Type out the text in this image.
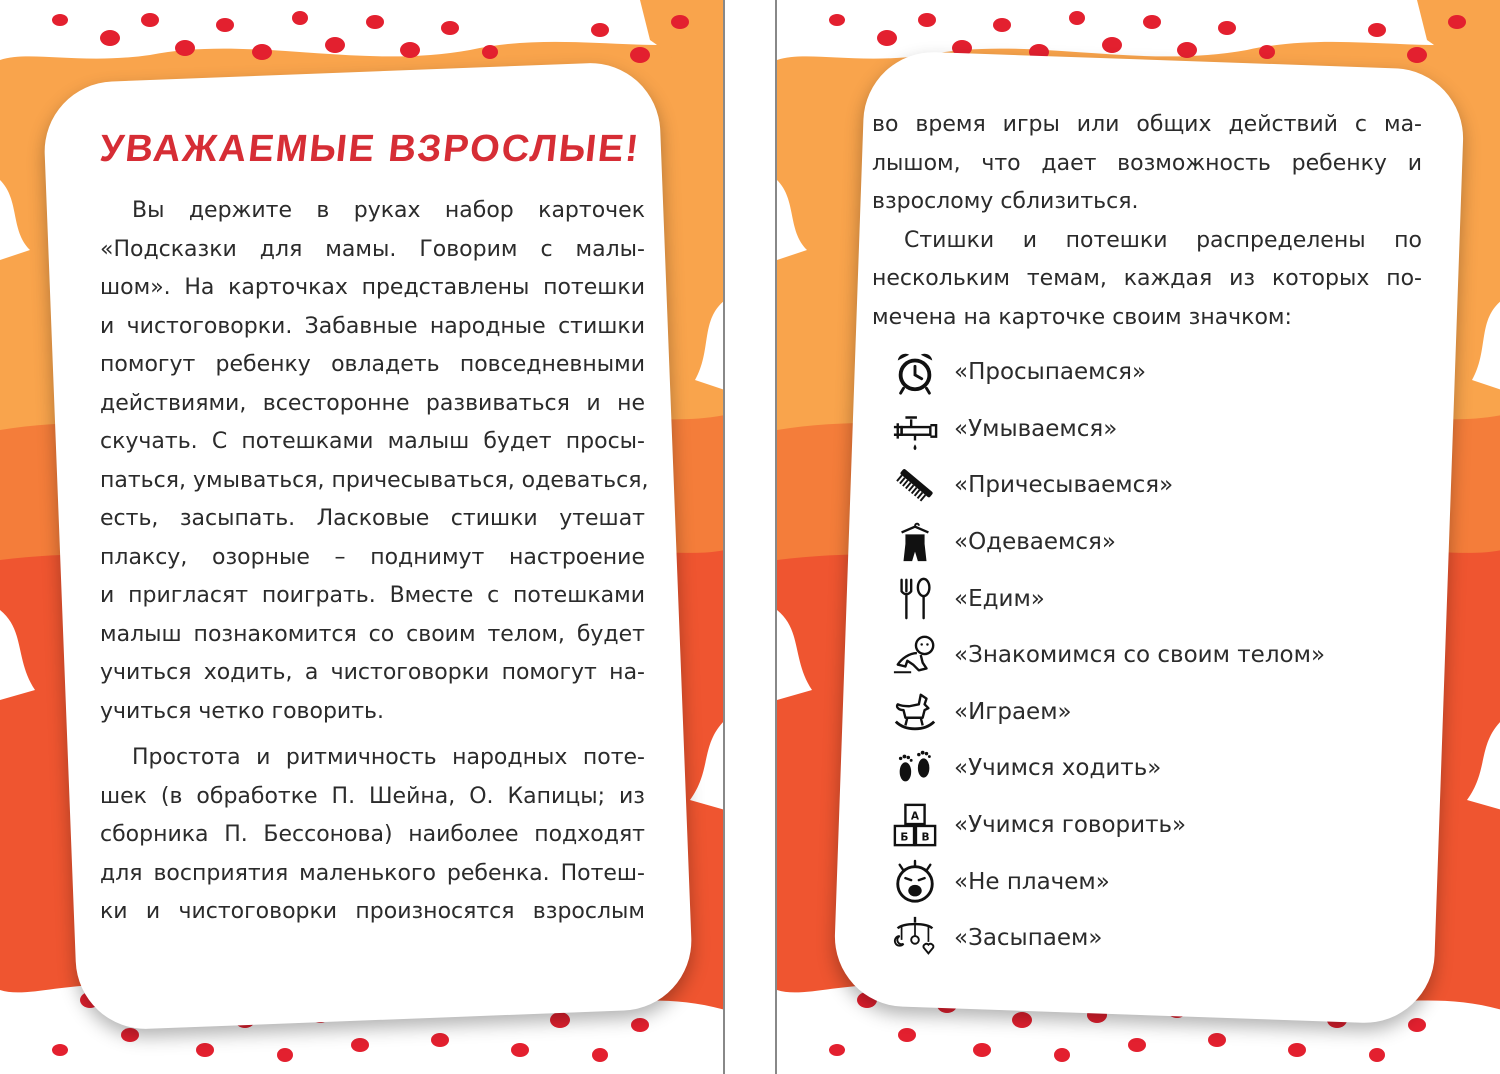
УВАЖАЕМЫЕ ВЗРОСЛЫЕ!
Вы держите в руках набор карточек
«Подсказки для мамы. Говорим с малы-
шом». На карточках представлены потешки
и чистоговорки. Забавные народные стишки
помогут ребенку овладеть повседневными
действиями, всесторонне развиваться и не
скучать. С потешками малыш будет просы-
паться, умываться, причесываться, одеваться,
есть, засыпать. Ласковые стишки утешат
плаксу, озорные – поднимут настроение
и пригласят поиграть. Вместе с потешками
малыш познакомится со своим телом, будет
учиться ходить, а чистоговорки помогут на-
учиться четко говорить.
Простота и ритмичность народных поте-
шек (в обработке П. Шейна, О. Капицы; из
сборника П. Бессонова) наиболее подходят
для восприятия маленького ребенка. Потеш-
ки и чистоговорки произносятся взрослым
во время игры или общих действий с ма-
лышом, что дает возможность ребенку и
взрослому сблизиться.
Стишки и потешки распределены по
нескольким темам, каждая из которых по-
мечена на карточке своим значком:
«Просыпаемся»
«Умываемся»
«Причесываемся»
«Одеваемся»
«Едим»
«Знакомимся со своим телом»
«Играем»
«Учимся ходить»
А
Б В «Учимся говорить»
«Не плачем»
«Засыпаем»
